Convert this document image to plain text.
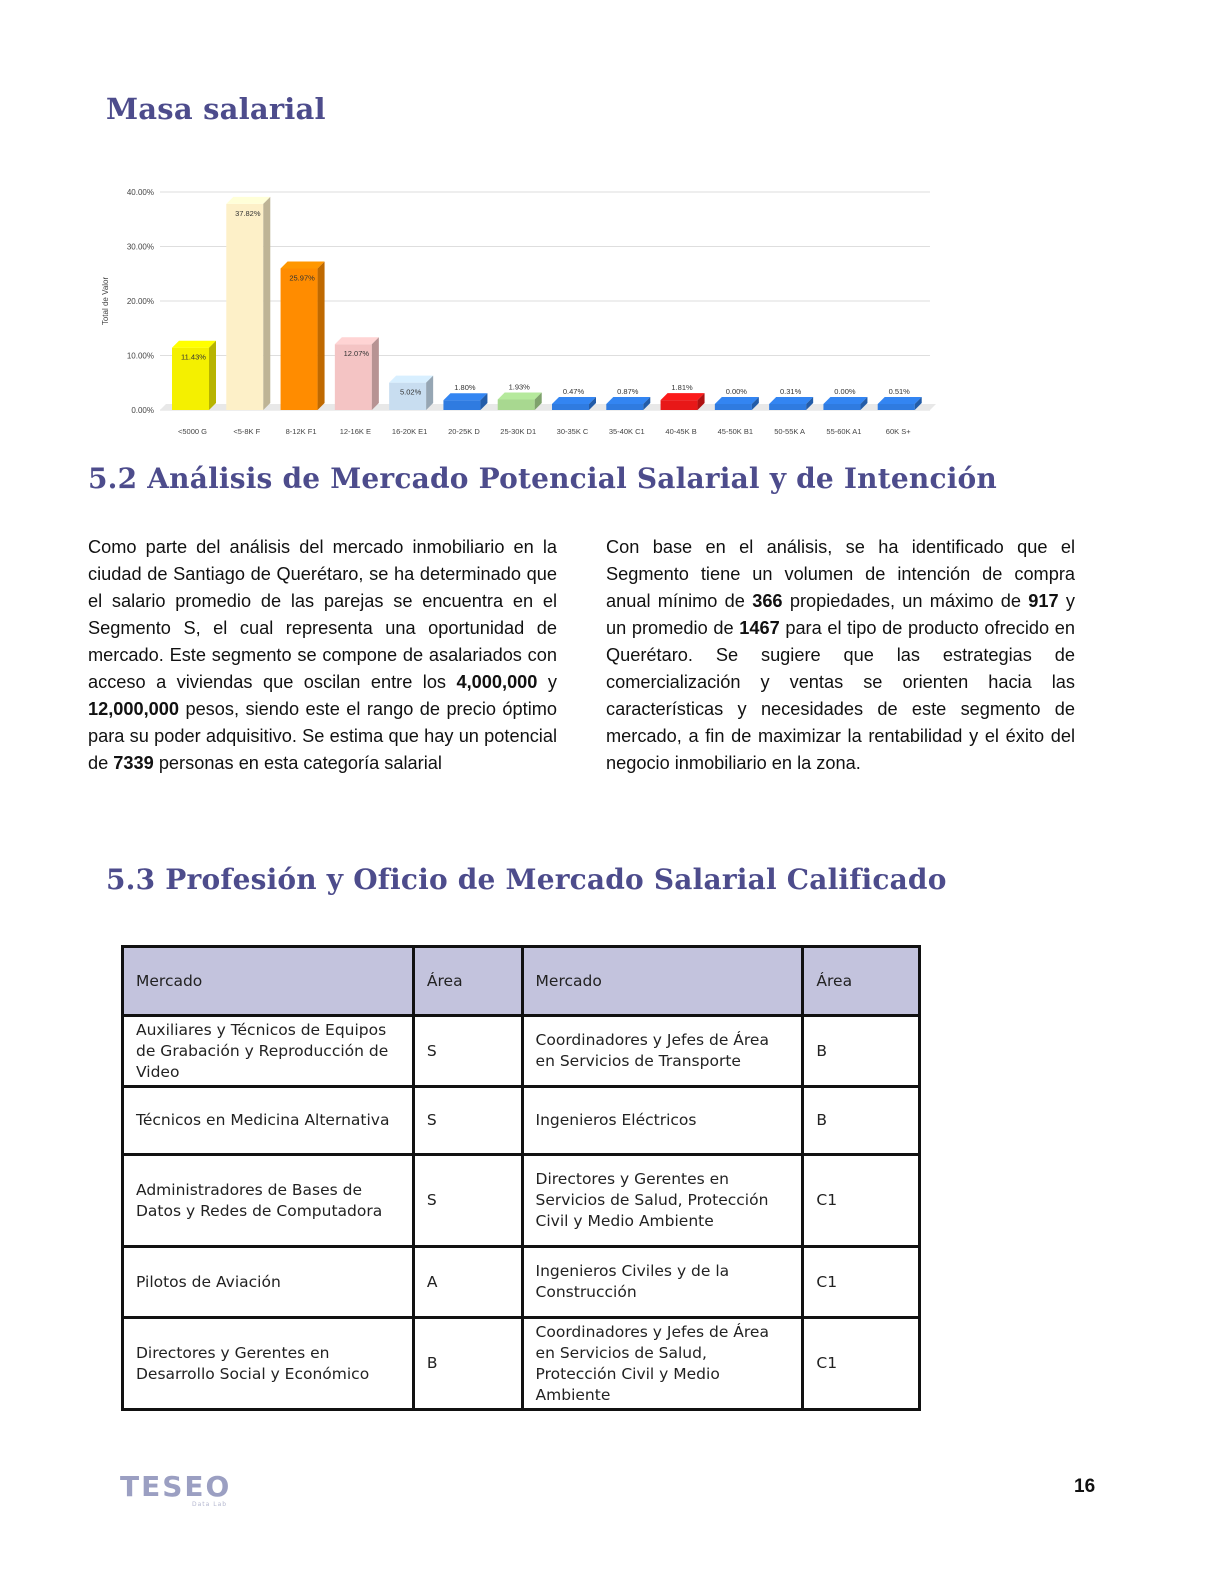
Masa salarial
0.00%
10.00%
20.00%
30.00%
40.00%
Total de Valor
11.43%
<5000 G
37.82%
<5-8K F
25.97%
8-12K F1
12.07%
12-16K E
5.02%
16-20K E1
1.80%
20-25K D
1.93%
25-30K D1
0.47%
30-35K C
0.87%
35-40K C1
1.81%
40-45K B
0.00%
45-50K B1
0.31%
50-55K A
0.00%
55-60K A1
0.51%
60K S+
5.2 Análisis de Mercado Potencial Salarial y de Intención

Como parte del análisis del mercado inmobiliario en la ciudad de Santiago de Querétaro, se ha determinado que el salario promedio de las parejas se encuentra en el Segmento S, el cual representa una oportunidad de mercado. Este segmento se compone de asalariados con acceso a viviendas que oscilan entre los 4,000,000 y 12,000,000 pesos, siendo este el rango de precio óptimo para su poder adquisitivo. Se estima que hay un potencial de 7339 personas en esta categoría salarial

Con base en el análisis, se ha identificado que el Segmento tiene un volumen de intención de compra anual mínimo de 366 propiedades, un máximo de 917 y un promedio de 1467 para el tipo de producto ofrecido en Querétaro. Se sugiere que las estrategias de comercialización y ventas se orienten hacia las características y necesidades de este segmento de mercado, a fin de maximizar la rentabilidad y el éxito del negocio inmobiliario en la zona.

5.3 Profesión y Oficio de Mercado Salarial Calificado
Mercado	Área	Mercado	Área
Auxiliares y Técnicos de Equipos de Grabación y Reproducción de Video	S	Coordinadores y Jefes de Área en Servicios de Transporte	B
Técnicos en Medicina Alternativa	S	Ingenieros Eléctricos	B
Administradores de Bases de Datos y Redes de Computadora	S	Directores y Gerentes en Servicios de Salud, Protección Civil y Medio Ambiente	C1
Pilotos de Aviación	A	Ingenieros Civiles y de la Construcción	C1
Directores y Gerentes en Desarrollo Social y Económico	B	Coordinadores y Jefes de Área en Servicios de Salud, Protección Civil y Medio Ambiente	C1
TESEO
Data Lab
16
